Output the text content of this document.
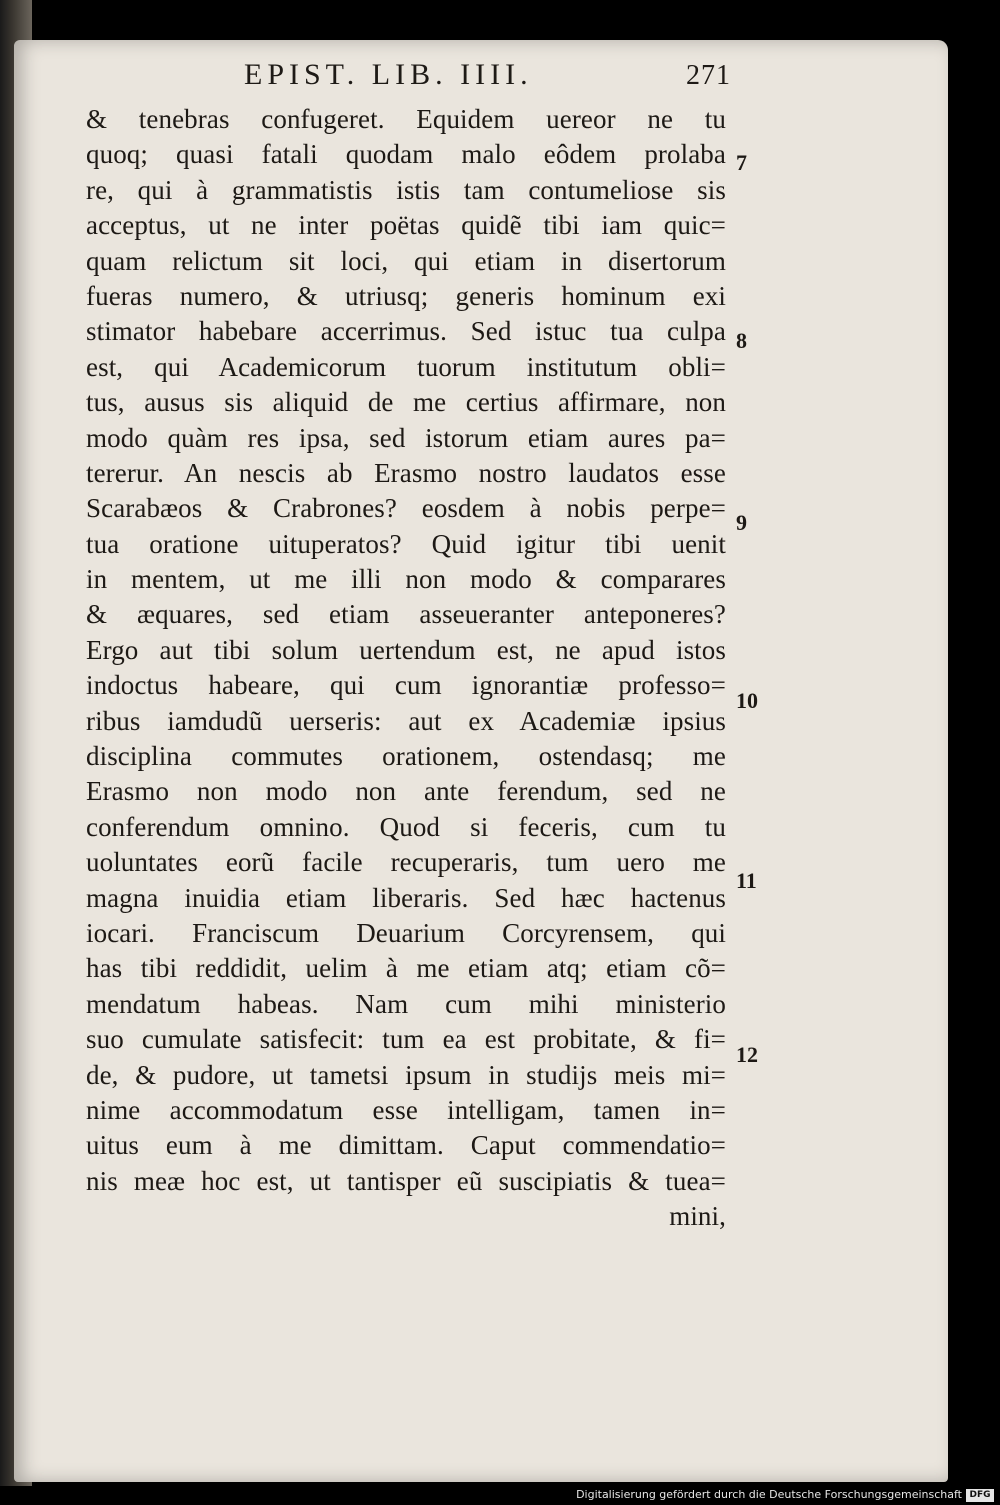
EPIST. LIB. IIII.	271
& tenebras confugeret. Equidem uereor ne tu
quoq; quasi fatali quodam malo eôdem prolaba
re, qui à grammatistis istis tam contumeliose sis
acceptus, ut ne inter poëtas quidẽ tibi iam quic=
quam relictum sit loci, qui etiam in disertorum
fueras numero, & utriusq; generis hominum exi
stimator habebare accerrimus. Sed istuc tua culpa
est, qui Academicorum tuorum institutum obli=
tus, ausus sis aliquid de me certius affirmare, non
modo quàm res ipsa, sed istorum etiam aures pa=
tererur. An nescis ab Erasmo nostro laudatos esse
Scarabæos & Crabrones? eosdem à nobis perpe=
tua oratione uituperatos? Quid igitur tibi uenit
in mentem, ut me illi non modo & comparares
& æquares, sed etiam asseueranter anteponeres?
Ergo aut tibi solum uertendum est, ne apud istos
indoctus habeare, qui cum ignorantiæ professo=
ribus iamdudũ uerseris: aut ex Academiæ ipsius
disciplina commutes orationem, ostendasq; me
Erasmo non modo non ante ferendum, sed ne
conferendum omnino. Quod si feceris, cum tu
uoluntates eorũ facile recuperaris, tum uero me
magna inuidia etiam liberaris. Sed hæc hactenus
iocari. Franciscum Deuarium Corcyrensem, qui
has tibi reddidit, uelim à me etiam atq; etiam cõ=
mendatum habeas. Nam cum mihi ministerio
suo cumulate satisfecit: tum ea est probitate, & fi=
de, & pudore, ut tametsi ipsum in studijs meis mi=
nime accommodatum esse intelligam, tamen in=
uitus eum à me dimittam. Caput commendatio=
nis meæ hoc est, ut tantisper eũ suscipiatis & tuea=
mini,
7
8
9
10
11
12
Digitalisierung gefördert durch die Deutsche Forschungsgemeinschaft DFG
